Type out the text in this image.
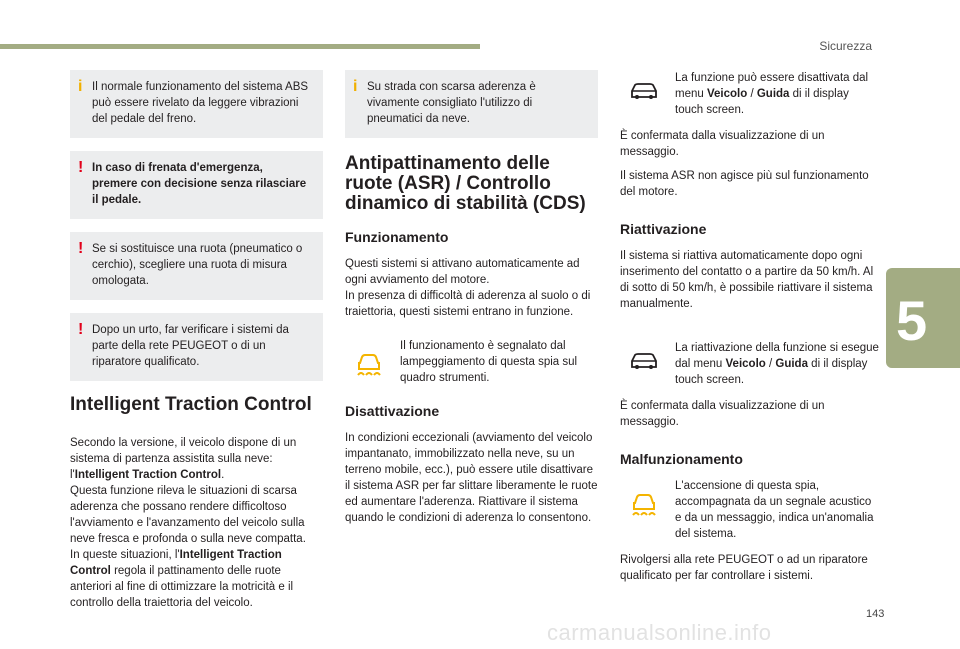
Sicurezza
5
143
carmanualsonline.info
i Il normale funzionamento del sistema ABS può essere rivelato da leggere vibrazioni del pedale del freno.
! In caso di frenata d'emergenza, premere con decisione senza rilasciare il pedale.
! Se si sostituisce una ruota (pneumatico o cerchio), scegliere una ruota di misura omologata.
! Dopo un urto, far verificare i sistemi da parte della rete PEUGEOT o di un riparatore qualificato.
Intelligent Traction Control

Secondo la versione, il veicolo dispone di un sistema di partenza assistita sulla neve: l'Intelligent Traction Control.

Questa funzione rileva le situazioni di scarsa aderenza che possano rendere difficoltoso l'avviamento e l'avanzamento del veicolo sulla neve fresca e profonda o sulla neve compatta.

In queste situazioni, l'Intelligent Traction Control regola il pattinamento delle ruote anteriori al fine di ottimizzare la motricità e il controllo della traiettoria del veicolo.

i Su strada con scarsa aderenza è vivamente consigliato l'utilizzo di pneumatici da neve.
Antipattinamento delle ruote (ASR) / Controllo dinamico di stabilità (CDS)
Funzionamento

Questi sistemi si attivano automaticamente ad ogni avviamento del motore.

In presenza di difficoltà di aderenza al suolo o di traiettoria, questi sistemi entrano in funzione.

Il funzionamento è segnalato dal lampeggiamento di questa spia sul quadro strumenti.

Disattivazione

In condizioni eccezionali (avviamento del veicolo impantanato, immobilizzato nella neve, su un terreno mobile, ecc.), può essere utile disattivare il sistema ASR per far slittare liberamente le ruote ed aumentare l'aderenza. Riattivare il sistema quando le condizioni di aderenza lo consentono.

La funzione può essere disattivata dal menu Veicolo / Guida di il display touch screen.

È confermata dalla visualizzazione di un messaggio.

Il sistema ASR non agisce più sul funzionamento del motore.

Riattivazione

Il sistema si riattiva automaticamente dopo ogni inserimento del contatto o a partire da 50 km/h. Al di sotto di 50 km/h, è possibile riattivare il sistema manualmente.

La riattivazione della funzione si esegue dal menu Veicolo / Guida di il display touch screen.

È confermata dalla visualizzazione di un messaggio.

Malfunzionamento

L'accensione di questa spia, accompagnata da un segnale acustico e da un messaggio, indica un'anomalia del sistema.

Rivolgersi alla rete PEUGEOT o ad un riparatore qualificato per far controllare i sistemi.
